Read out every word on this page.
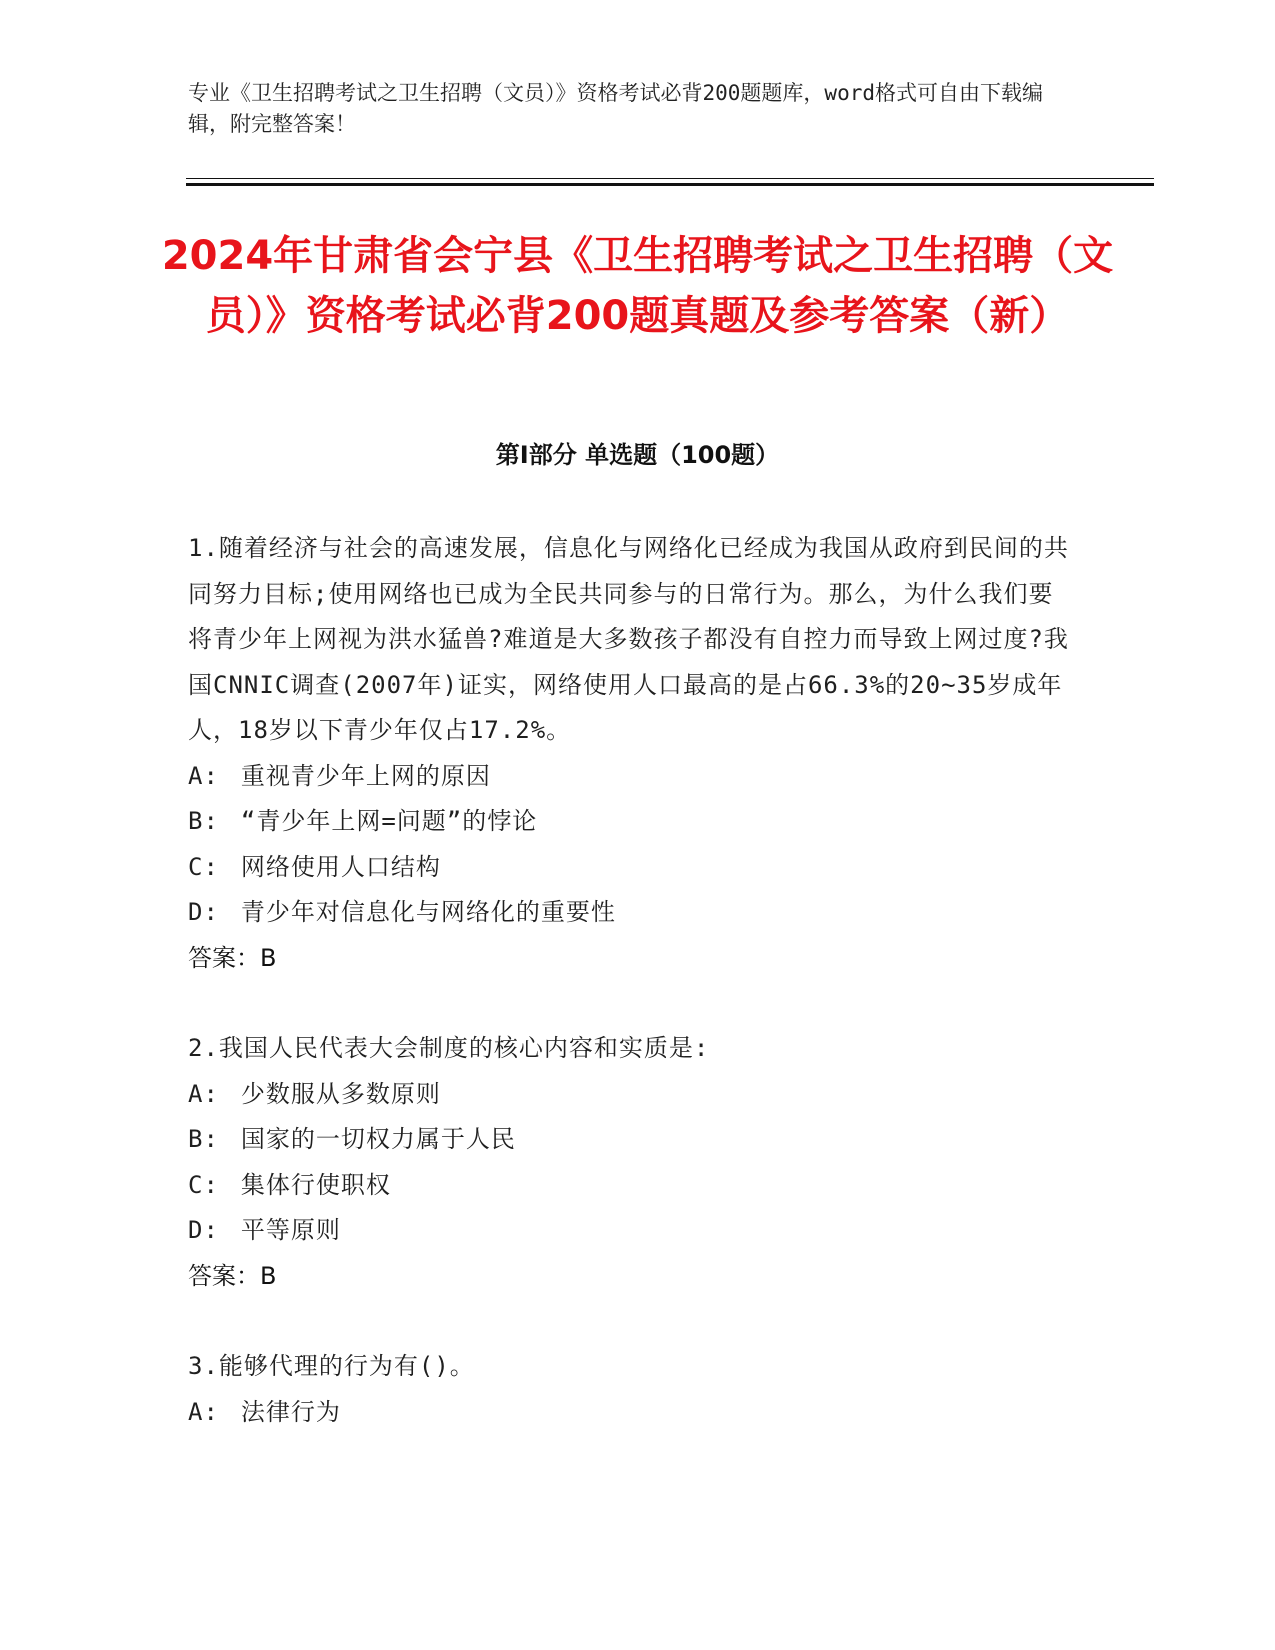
专业《卫生招聘考试之卫生招聘（文员）》资格考试必背200题题库，word格式可自由下载编辑，附完整答案！
2024年甘肃省会宁县《卫生招聘考试之卫生招聘（文员）》资格考试必背200题真题及参考答案（新）
第I部分 单选题（100题）
1.随着经济与社会的高速发展，信息化与网络化已经成为我国从政府到民间的共同努力目标;使用网络也已成为全民共同参与的日常行为。那么，为什么我们要将青少年上网视为洪水猛兽?难道是大多数孩子都没有自控力而导致上网过度?我国CNNIC调查(2007年)证实，网络使用人口最高的是占66.3%的20~35岁成年人，18岁以下青少年仅占17.2%。
A: 重视青少年上网的原因
B: “青少年上网=问题”的悖论
C: 网络使用人口结构
D: 青少年对信息化与网络化的重要性
答案：B
2.我国人民代表大会制度的核心内容和实质是:
A: 少数服从多数原则
B: 国家的一切权力属于人民
C: 集体行使职权
D: 平等原则
答案：B
3.能够代理的行为有()。
A: 法律行为
